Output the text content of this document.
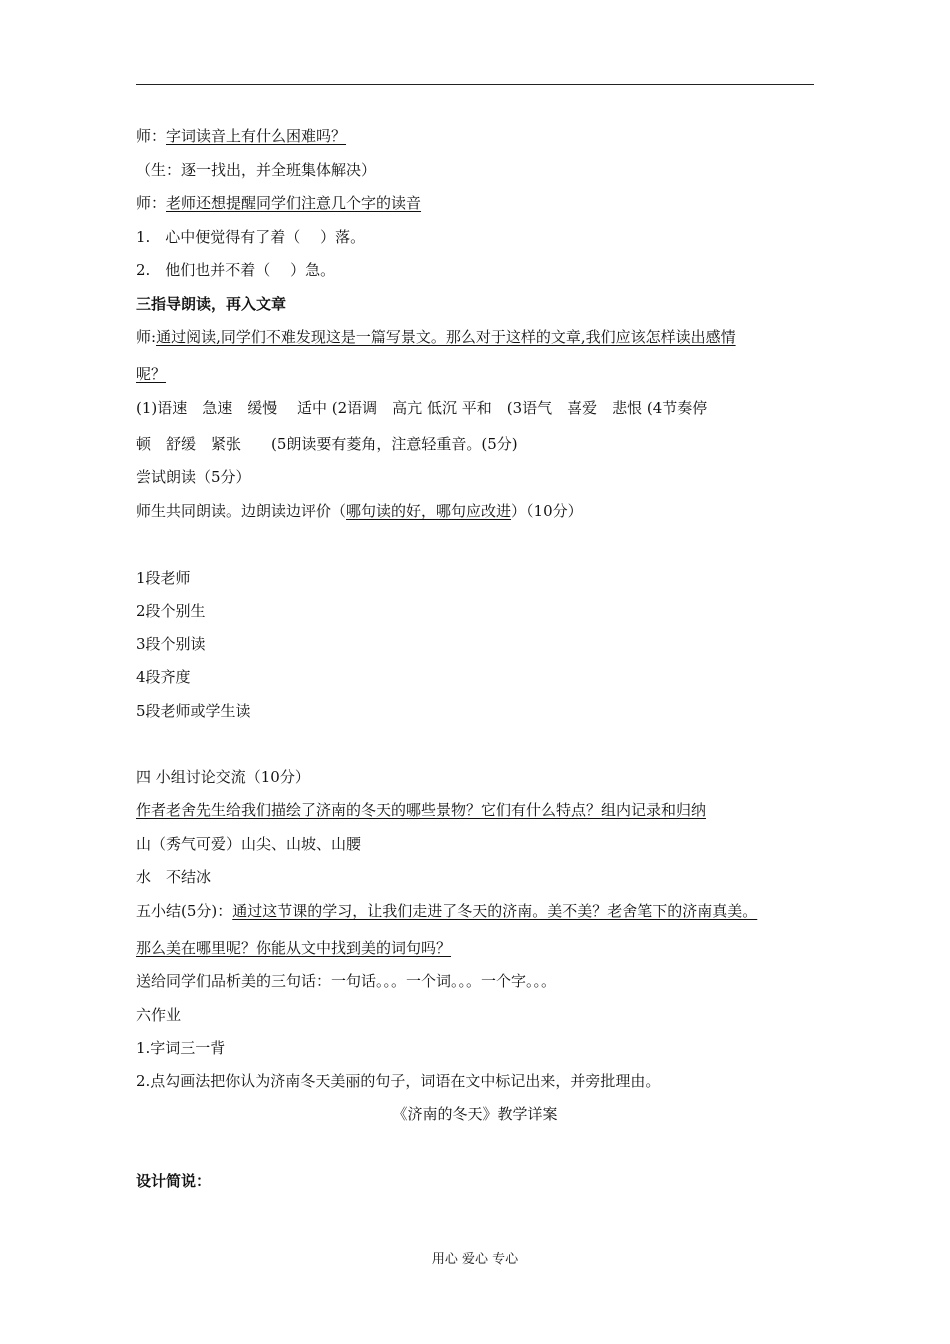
师：字词读音上有什么困难吗？
（生：逐一找出，并全班集体解决）
师：老师还想提醒同学们注意几个字的读音
1.　心中便觉得有了着（　 ）落。
2.　他们也并不着（　 ）急。
三指导朗读，再入文章
师:通过阅读,同学们不难发现这是一篇写景文。那么对于这样的文章,我们应该怎样读出感情
呢？
(1)语速　急速　缓慢　 适中 (2语调　高亢 低沉 平和　(3语气　喜爱　悲恨 (4节奏停
顿　舒缓　紧张　　(5朗读要有菱角，注意轻重音。(5分)
尝试朗读（5分）
师生共同朗读。边朗读边评价（哪句读的好，哪句应改进）（10分）
1段老师
2段个别生
3段个别读
4段齐度
5段老师或学生读
四 小组讨论交流（10分）
作者老舍先生给我们描绘了济南的冬天的哪些景物？它们有什么特点？组内记录和归纳
山（秀气可爱）山尖、山坡、山腰
水　不结冰
五小结(5分)：通过这节课的学习，让我们走进了冬天的济南。美不美？老舍笔下的济南真美。
那么美在哪里呢？你能从文中找到美的词句吗？
送给同学们品析美的三句话：一句话。。。一个词。。。一个字。。。
六作业
1.字词三一背
2.点勾画法把你认为济南冬天美丽的句子，词语在文中标记出来，并旁批理由。
《济南的冬天》教学详案
设计简说：
用心 爱心 专心
